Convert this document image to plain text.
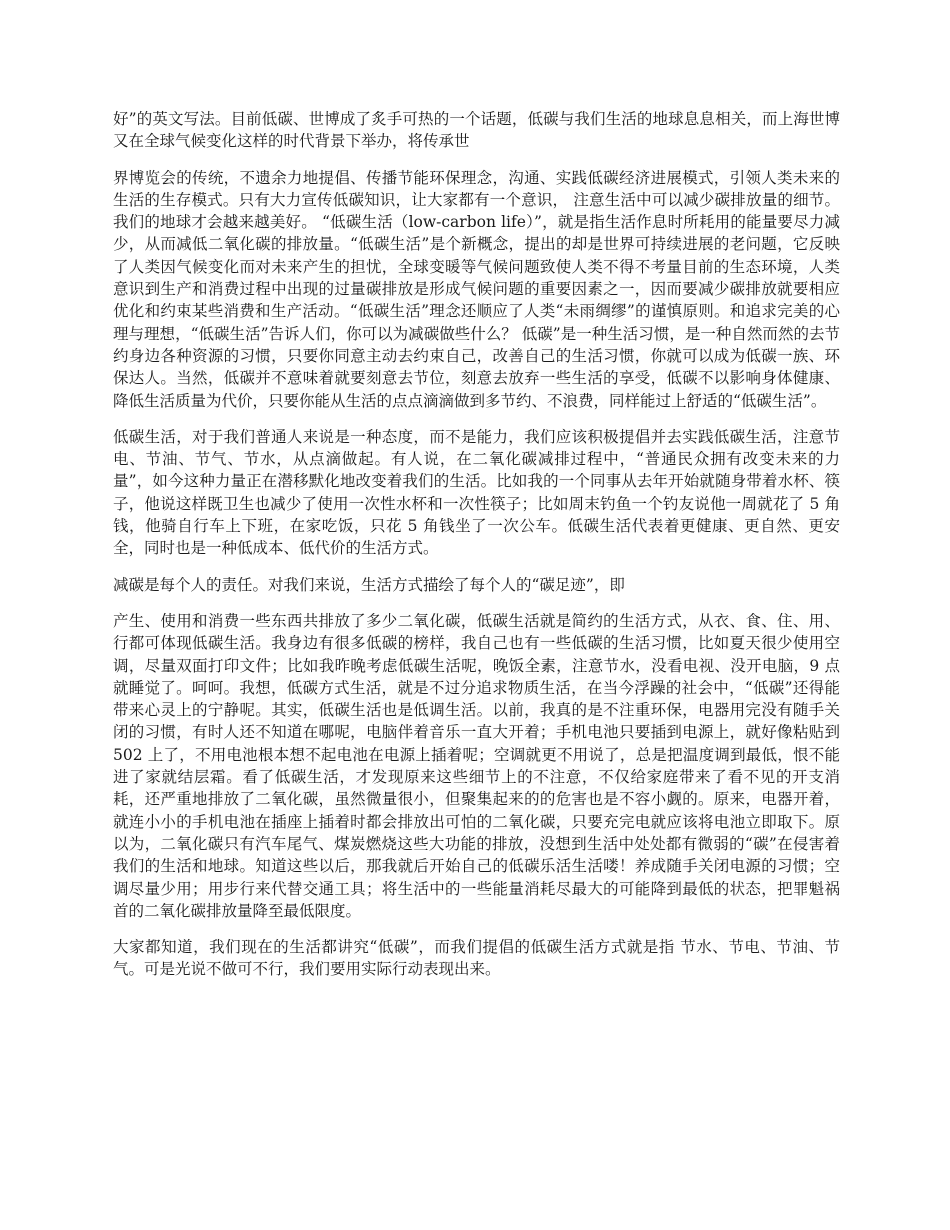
好”的英文写法。目前低碳、世博成了炙手可热的一个话题，低碳与我们生活的地球息息相关，而上海世博又在全球气候变化这样的时代背景下举办，将传承世

界博览会的传统，不遗余力地提倡、传播节能环保理念，沟通、实践低碳经济进展模式，引领人类未来的生活的生存模式。只有大力宣传低碳知识，让大家都有一个意识， 注意生活中可以减少碳排放量的细节。我们的地球才会越来越美好。 “低碳生活（low-carbon life）”，就是指生活作息时所耗用的能量要尽力减少，从而减低二氧化碳的排放量。“低碳生活”是个新概念，提出的却是世界可持续进展的老问题，它反映了人类因气候变化而对未来产生的担忧，全球变暖等气候问题致使人类不得不考量目前的生态环境，人类意识到生产和消费过程中出现的过量碳排放是形成气候问题的重要因素之一，因而要减少碳排放就要相应优化和约束某些消费和生产活动。“低碳生活”理念还顺应了人类“未雨绸缪”的谨慎原则。和追求完美的心理与理想，“低碳生活”告诉人们，你可以为减碳做些什么？ 低碳”是一种生活习惯，是一种自然而然的去节约身边各种资源的习惯，只要你同意主动去约束自己，改善自己的生活习惯，你就可以成为低碳一族、环保达人。当然，低碳并不意味着就要刻意去节位，刻意去放弃一些生活的享受，低碳不以影响身体健康、降低生活质量为代价，只要你能从生活的点点滴滴做到多节约、不浪费，同样能过上舒适的“低碳生活”。

低碳生活，对于我们普通人来说是一种态度，而不是能力，我们应该积极提倡并去实践低碳生活，注意节电、节油、节气、节水，从点滴做起。有人说，在二氧化碳减排过程中，“普通民众拥有改变未来的力量”，如今这种力量正在潜移默化地改变着我们的生活。比如我的一个同事从去年开始就随身带着水杯、筷子，他说这样既卫生也减少了使用一次性水杯和一次性筷子；比如周末钓鱼一个钓友说他一周就花了 5 角钱，他骑自行车上下班，在家吃饭，只花 5 角钱坐了一次公车。低碳生活代表着更健康、更自然、更安全，同时也是一种低成本、低代价的生活方式。

减碳是每个人的责任。对我们来说，生活方式描绘了每个人的“碳足迹”，即

产生、使用和消费一些东西共排放了多少二氧化碳，低碳生活就是简约的生活方式，从衣、食、住、用、行都可体现低碳生活。我身边有很多低碳的榜样，我自己也有一些低碳的生活习惯，比如夏天很少使用空调，尽量双面打印文件；比如我昨晚考虑低碳生活呢，晚饭全素，注意节水，没看电视、没开电脑，9 点就睡觉了。呵呵。我想，低碳方式生活，就是不过分追求物质生活，在当今浮躁的社会中，“低碳”还得能带来心灵上的宁静呢。其实，低碳生活也是低调生活。以前，我真的是不注重环保，电器用完没有随手关闭的习惯，有时人还不知道在哪呢，电脑伴着音乐一直大开着；手机电池只要插到电源上，就好像粘贴到 502 上了，不用电池根本想不起电池在电源上插着呢；空调就更不用说了，总是把温度调到最低，恨不能进了家就结层霜。看了低碳生活，才发现原来这些细节上的不注意，不仅给家庭带来了看不见的开支消耗，还严重地排放了二氧化碳，虽然微量很小，但聚集起来的的危害也是不容小觑的。原来，电器开着，就连小小的手机电池在插座上插着时都会排放出可怕的二氧化碳，只要充完电就应该将电池立即取下。原以为，二氧化碳只有汽车尾气、煤炭燃烧这些大功能的排放，没想到生活中处处都有微弱的“碳”在侵害着我们的生活和地球。知道这些以后，那我就后开始自己的低碳乐活生活喽！养成随手关闭电源的习惯；空调尽量少用；用步行来代替交通工具；将生活中的一些能量消耗尽最大的可能降到最低的状态，把罪魁祸首的二氧化碳排放量降至最低限度。

大家都知道，我们现在的生活都讲究“低碳”，而我们提倡的低碳生活方式就是指 节水、节电、节油、节气。可是光说不做可不行，我们要用实际行动表现出来。
